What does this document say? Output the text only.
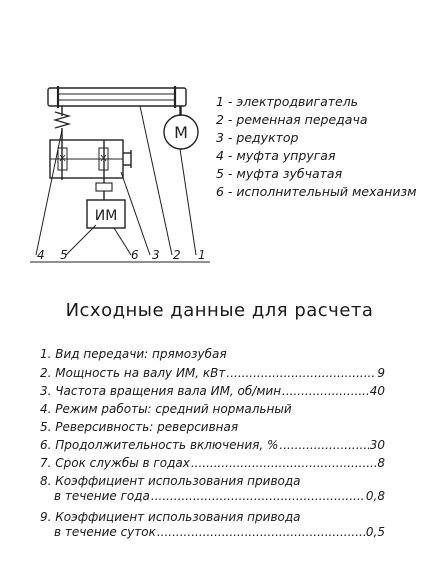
M
ИМ
4 5	6 3 2 1
1 - электродвигатель
2 - ременная передача
3 - редуктор
4 - муфта упругая
5 - муфта зубчатая
6 - исполнительный механизм
Исходные данные для расчета
1. Вид передачи: прямозубая
2. Мощность на валу ИМ, кВт .....	9
3. Частота вращения вала ИМ, об/мин .....	40
4. Режим работы: средний нормальный
5. Реверсивность: реверсивная
6. Продолжительность включения, % .....	30
7. Срок службы в годах .....	8
8. Коэффициент использования привода
в течение года .....	0,8
9. Коэффициент использования привода
в течение суток .....	0,5
